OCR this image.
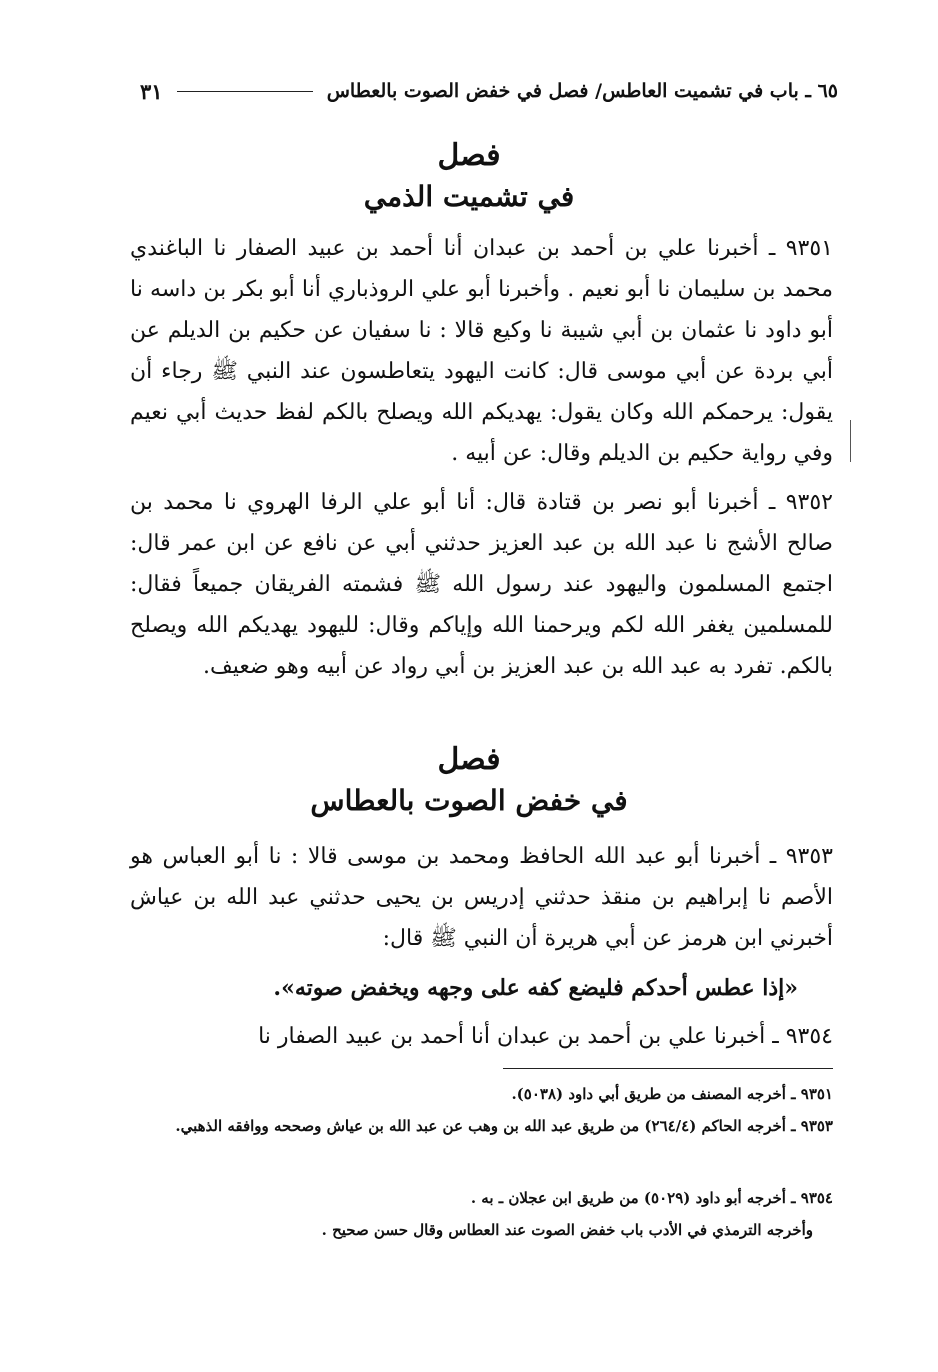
٦٥ ـ باب في تشميت العاطس/ فصل في خفض الصوت بالعطاس
٣١
فصل
في تشميت الذمي

٩٣٥١ ـ أخبرنا علي بن أحمد بن عبدان أنا أحمد بن عبيد الصفار نا الباغندي محمد بن سليمان نا أبو نعيم . وأخبرنا أبو علي الروذباري أنا أبو بكر بن داسه نا أبو داود نا عثمان بن أبي شيبة نا وكيع قالا : نا سفيان عن حكيم بن الديلم عن أبي بردة عن أبي موسى قال: كانت اليهود يتعاطسون عند النبي ﷺ رجاء أن يقول: يرحمكم الله وكان يقول: يهديكم الله ويصلح بالكم لفظ حديث أبي نعيم وفي رواية حكيم بن الديلم وقال: عن أبيه .

٩٣٥٢ ـ أخبرنا أبو نصر بن قتادة قال: أنا أبو علي الرفا الهروي نا محمد بن صالح الأشج نا عبد الله بن عبد العزيز حدثني أبي عن نافع عن ابن عمر قال: اجتمع المسلمون واليهود عند رسول الله ﷺ فشمته الفريقان جميعاً فقال: للمسلمين يغفر الله لكم ويرحمنا الله وإياكم وقال: لليهود يهديكم الله ويصلح بالكم. تفرد به عبد الله بن عبد العزيز بن أبي رواد عن أبيه وهو ضعيف.

فصل
في خفض الصوت بالعطاس

٩٣٥٣ ـ أخبرنا أبو عبد الله الحافظ ومحمد بن موسى قالا : نا أبو العباس هو الأصم نا إبراهيم بن منقذ حدثني إدريس بن يحيى حدثني عبد الله بن عياش أخبرني ابن هرمز عن أبي هريرة أن النبي ﷺ قال:

«إذا عطس أحدكم فليضع كفه على وجهه ويخفض صوته».

٩٣٥٤ ـ أخبرنا علي بن أحمد بن عبدان أنا أحمد بن عبيد الصفار نا

٩٣٥١ ـ أخرجه المصنف من طريق أبي داود (٥٠٣٨).

٩٣٥٣ ـ أخرجه الحاكم (٢٦٤/٤) من طريق عبد الله بن وهب عن عبد الله بن عياش وصححه ووافقه الذهبي.

٩٣٥٤ ـ أخرجه أبو داود (٥٠٢٩) من طريق ابن عجلان ـ به .

وأخرجه الترمذي في الأدب باب خفض الصوت عند العطاس وقال حسن صحيح .
